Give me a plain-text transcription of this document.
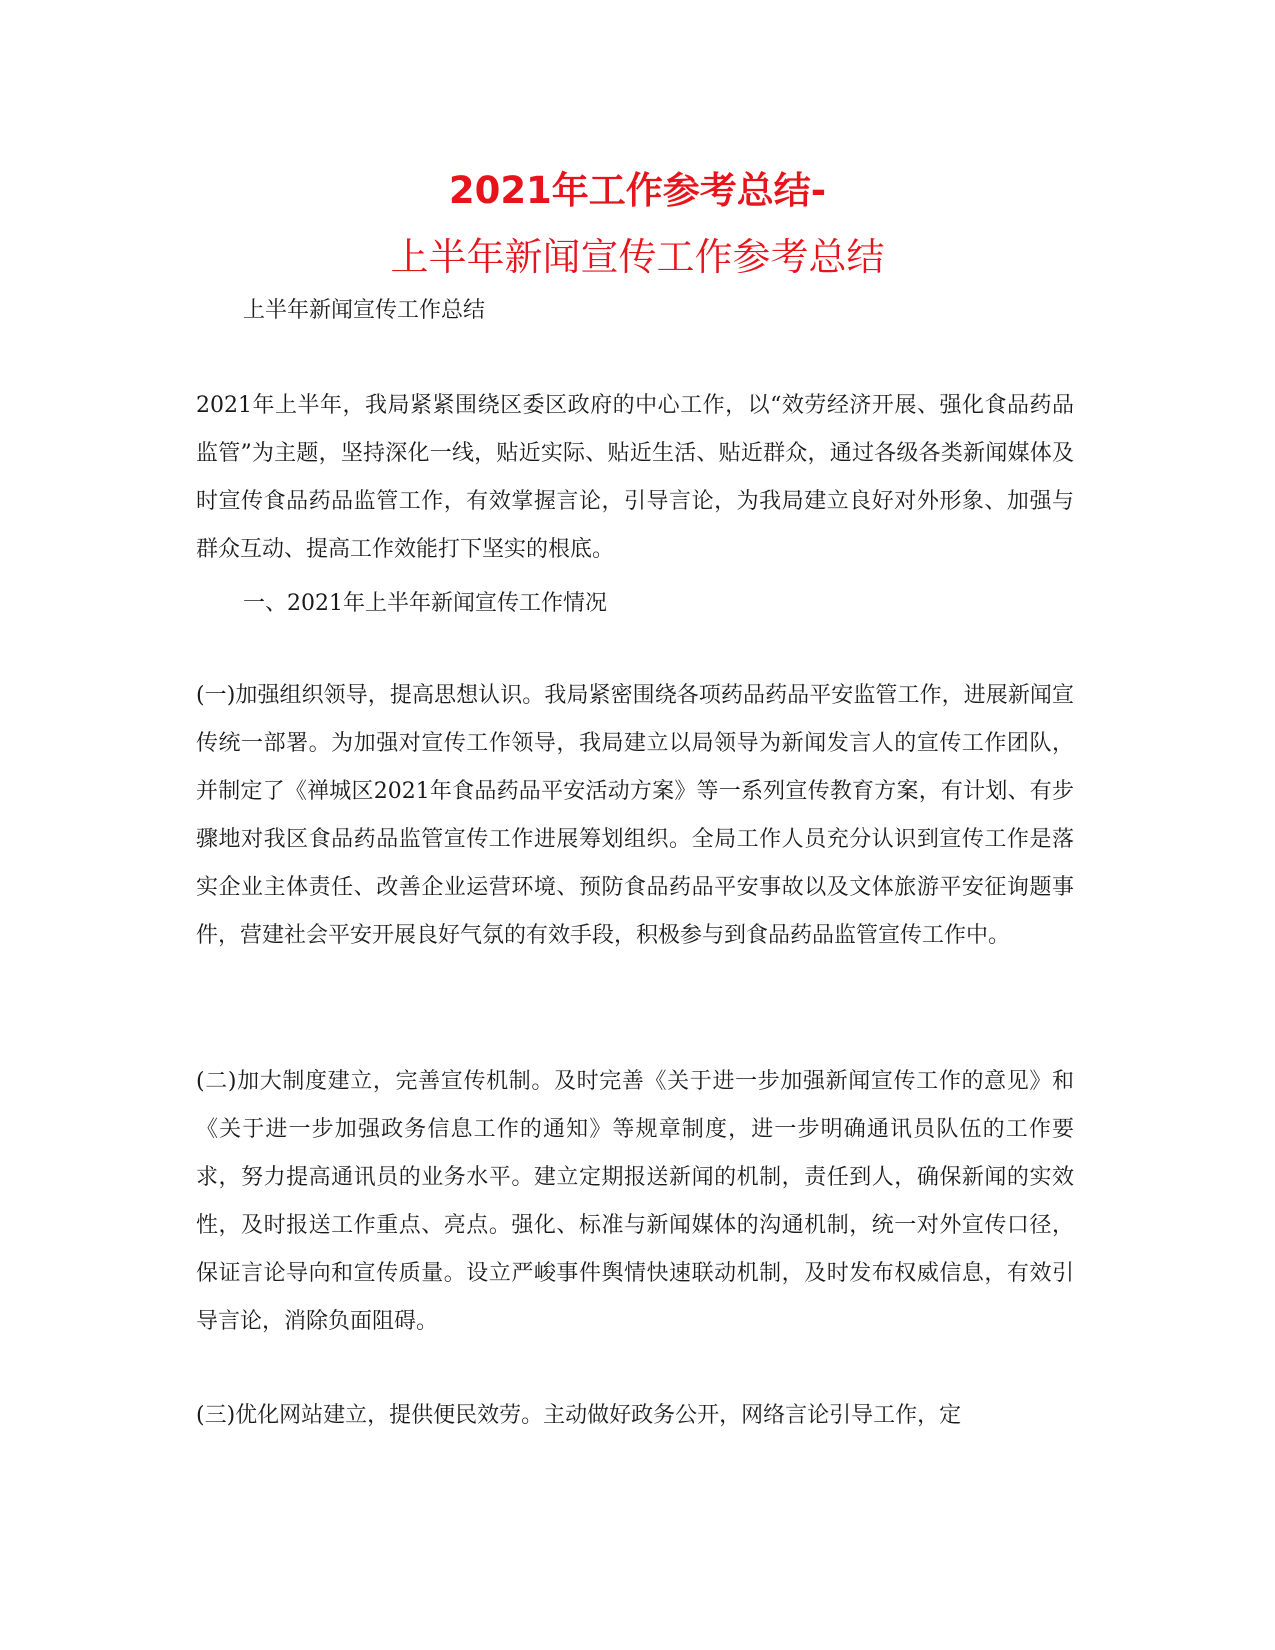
2021年工作参考总结-
上半年新闻宣传工作参考总结
上半年新闻宣传工作总结

2021年上半年，我局紧紧围绕区委区政府的中心工作，以“效劳经济开展、强化食品药品监管”为主题，坚持深化一线，贴近实际、贴近生活、贴近群众，通过各级各类新闻媒体及时宣传食品药品监管工作，有效掌握言论，引导言论，为我局建立良好对外形象、加强与群众互动、提高工作效能打下坚实的根底。

一、2021年上半年新闻宣传工作情况

(一)加强组织领导，提高思想认识。我局紧密围绕各项药品药品平安监管工作，进展新闻宣传统一部署。为加强对宣传工作领导，我局建立以局领导为新闻发言人的宣传工作团队，并制定了《禅城区2021年食品药品平安活动方案》等一系列宣传教育方案，有计划、有步骤地对我区食品药品监管宣传工作进展筹划组织。全局工作人员充分认识到宣传工作是落实企业主体责任、改善企业运营环境、预防食品药品平安事故以及文体旅游平安征询题事件，营建社会平安开展良好气氛的有效手段，积极参与到食品药品监管宣传工作中。

(二)加大制度建立，完善宣传机制。及时完善《关于进一步加强新闻宣传工作的意见》和《关于进一步加强政务信息工作的通知》等规章制度，进一步明确通讯员队伍的工作要求，努力提高通讯员的业务水平。建立定期报送新闻的机制，责任到人，确保新闻的实效性，及时报送工作重点、亮点。强化、标准与新闻媒体的沟通机制，统一对外宣传口径，保证言论导向和宣传质量。设立严峻事件舆情快速联动机制，及时发布权威信息，有效引导言论，消除负面阻碍。

(三)优化网站建立，提供便民效劳。主动做好政务公开，网络言论引导工作，定
